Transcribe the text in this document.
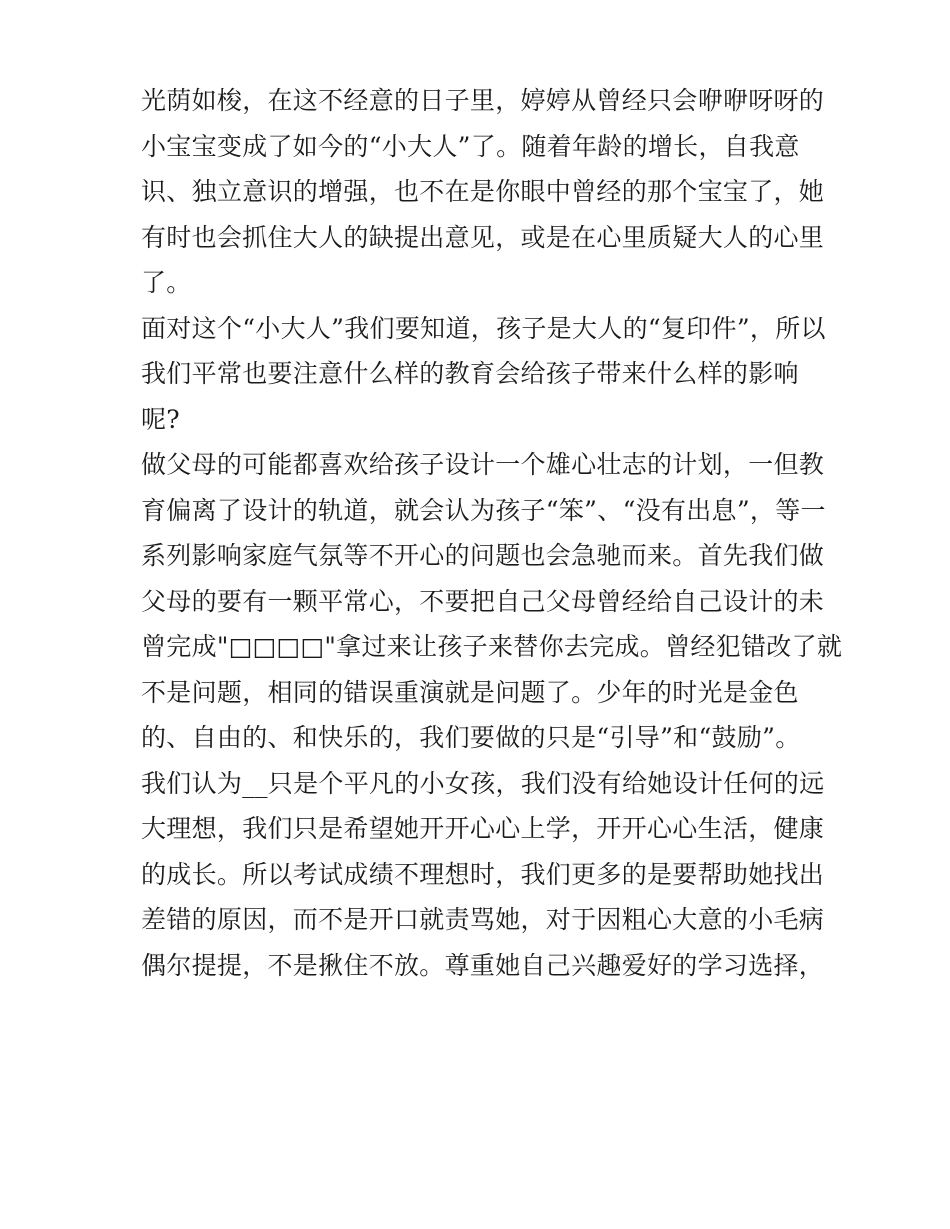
光荫如梭，在这不经意的日子里，婷婷从曾经只会咿咿呀呀的
小宝宝变成了如今的“小大人”了。随着年龄的增长，自我意
识、独立意识的增强，也不在是你眼中曾经的那个宝宝了，她
有时也会抓住大人的缺提出意见，或是在心里质疑大人的心里
了。
面对这个“小大人”我们要知道，孩子是大人的“复印件”，所以
我们平常也要注意什么样的教育会给孩子带来什么样的影响
呢?
做父母的可能都喜欢给孩子设计一个雄心壮志的计划，一但教
育偏离了设计的轨道，就会认为孩子“笨”、“没有出息”，等一
系列影响家庭气氛等不开心的问题也会急驰而来。首先我们做
父母的要有一颗平常心，不要把自己父母曾经给自己设计的未
曾完成"□□□□"拿过来让孩子来替你去完成。曾经犯错改了就
不是问题，相同的错误重演就是问题了。少年的时光是金色
的、自由的、和快乐的，我们要做的只是“引导”和“鼓励”。
我们认为__只是个平凡的小女孩，我们没有给她设计任何的远
大理想，我们只是希望她开开心心上学，开开心心生活，健康
的成长。所以考试成绩不理想时，我们更多的是要帮助她找出
差错的原因，而不是开口就责骂她，对于因粗心大意的小毛病
偶尔提提，不是揪住不放。尊重她自己兴趣爱好的学习选择，
